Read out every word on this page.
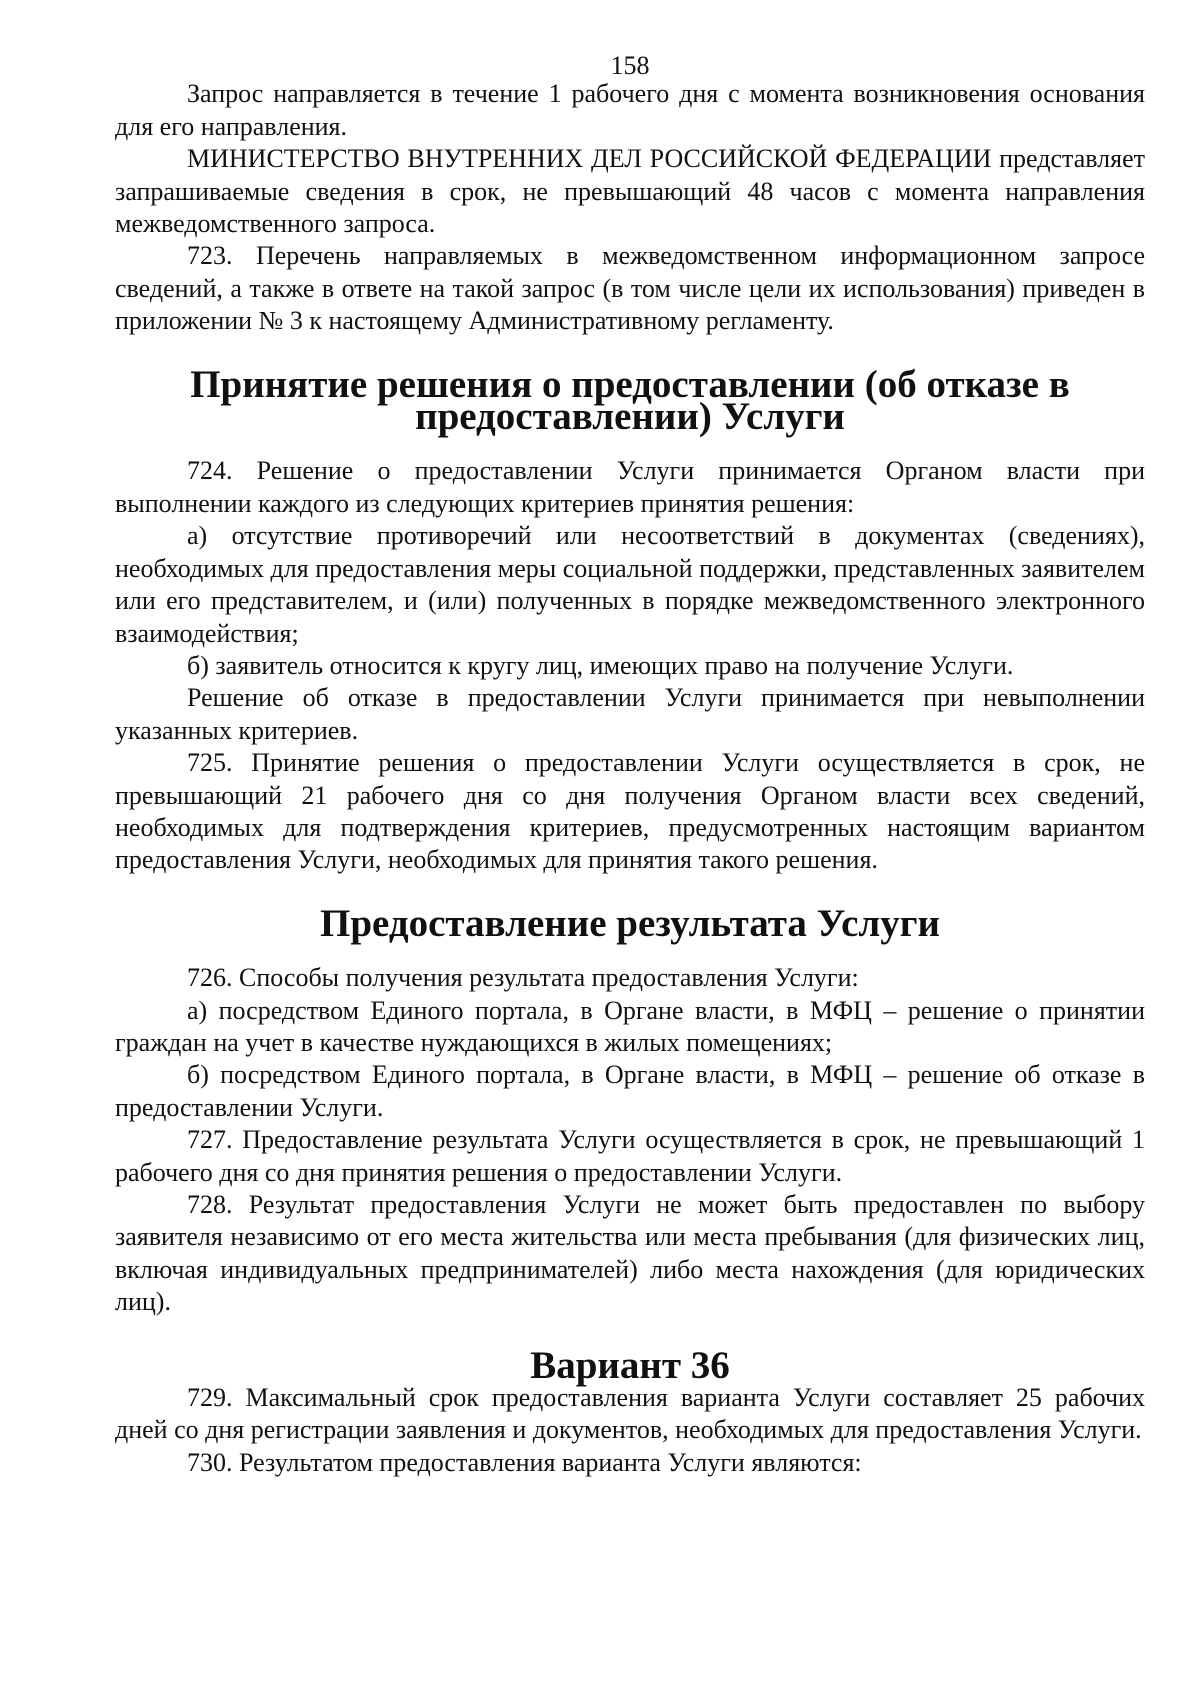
158

Запрос направляется в течение 1 рабочего дня с момента возникновения основания для его направления.

МИНИСТЕРСТВО ВНУТРЕННИХ ДЕЛ РОССИЙСКОЙ ФЕДЕРАЦИИ представляет запрашиваемые сведения в срок, не превышающий 48 часов с момента направления межведомственного запроса.

723. Перечень направляемых в межведомственном информационном запросе сведений, а также в ответе на такой запрос (в том числе цели их использования) приведен в приложении № 3 к настоящему Административному регламенту.

Принятие решения о предоставлении (об отказе в предоставлении) Услуги

724. Решение о предоставлении Услуги принимается Органом власти при выполнении каждого из следующих критериев принятия решения:

а) отсутствие противоречий или несоответствий в документах (сведениях), необходимых для предоставления меры социальной поддержки, представленных заявителем или его представителем, и (или) полученных в порядке межведомственного электронного взаимодействия;

б) заявитель относится к кругу лиц, имеющих право на получение Услуги.

Решение об отказе в предоставлении Услуги принимается при невыполнении указанных критериев.

725. Принятие решения о предоставлении Услуги осуществляется в срок, не превышающий 21 рабочего дня со дня получения Органом власти всех сведений, необходимых для подтверждения критериев, предусмотренных настоящим вариантом предоставления Услуги, необходимых для принятия такого решения.

Предоставление результата Услуги

726. Способы получения результата предоставления Услуги:

а) посредством Единого портала, в Органе власти, в МФЦ – решение о принятии граждан на учет в качестве нуждающихся в жилых помещениях;

б) посредством Единого портала, в Органе власти, в МФЦ – решение об отказе в предоставлении Услуги.

727. Предоставление результата Услуги осуществляется в срок, не превышающий 1 рабочего дня со дня принятия решения о предоставлении Услуги.

728. Результат предоставления Услуги не может быть предоставлен по выбору заявителя независимо от его места жительства или места пребывания (для физических лиц, включая индивидуальных предпринимателей) либо места нахождения (для юридических лиц).

Вариант 36

729. Максимальный срок предоставления варианта Услуги составляет 25 рабочих дней со дня регистрации заявления и документов, необходимых для предоставления Услуги.

730. Результатом предоставления варианта Услуги являются:
